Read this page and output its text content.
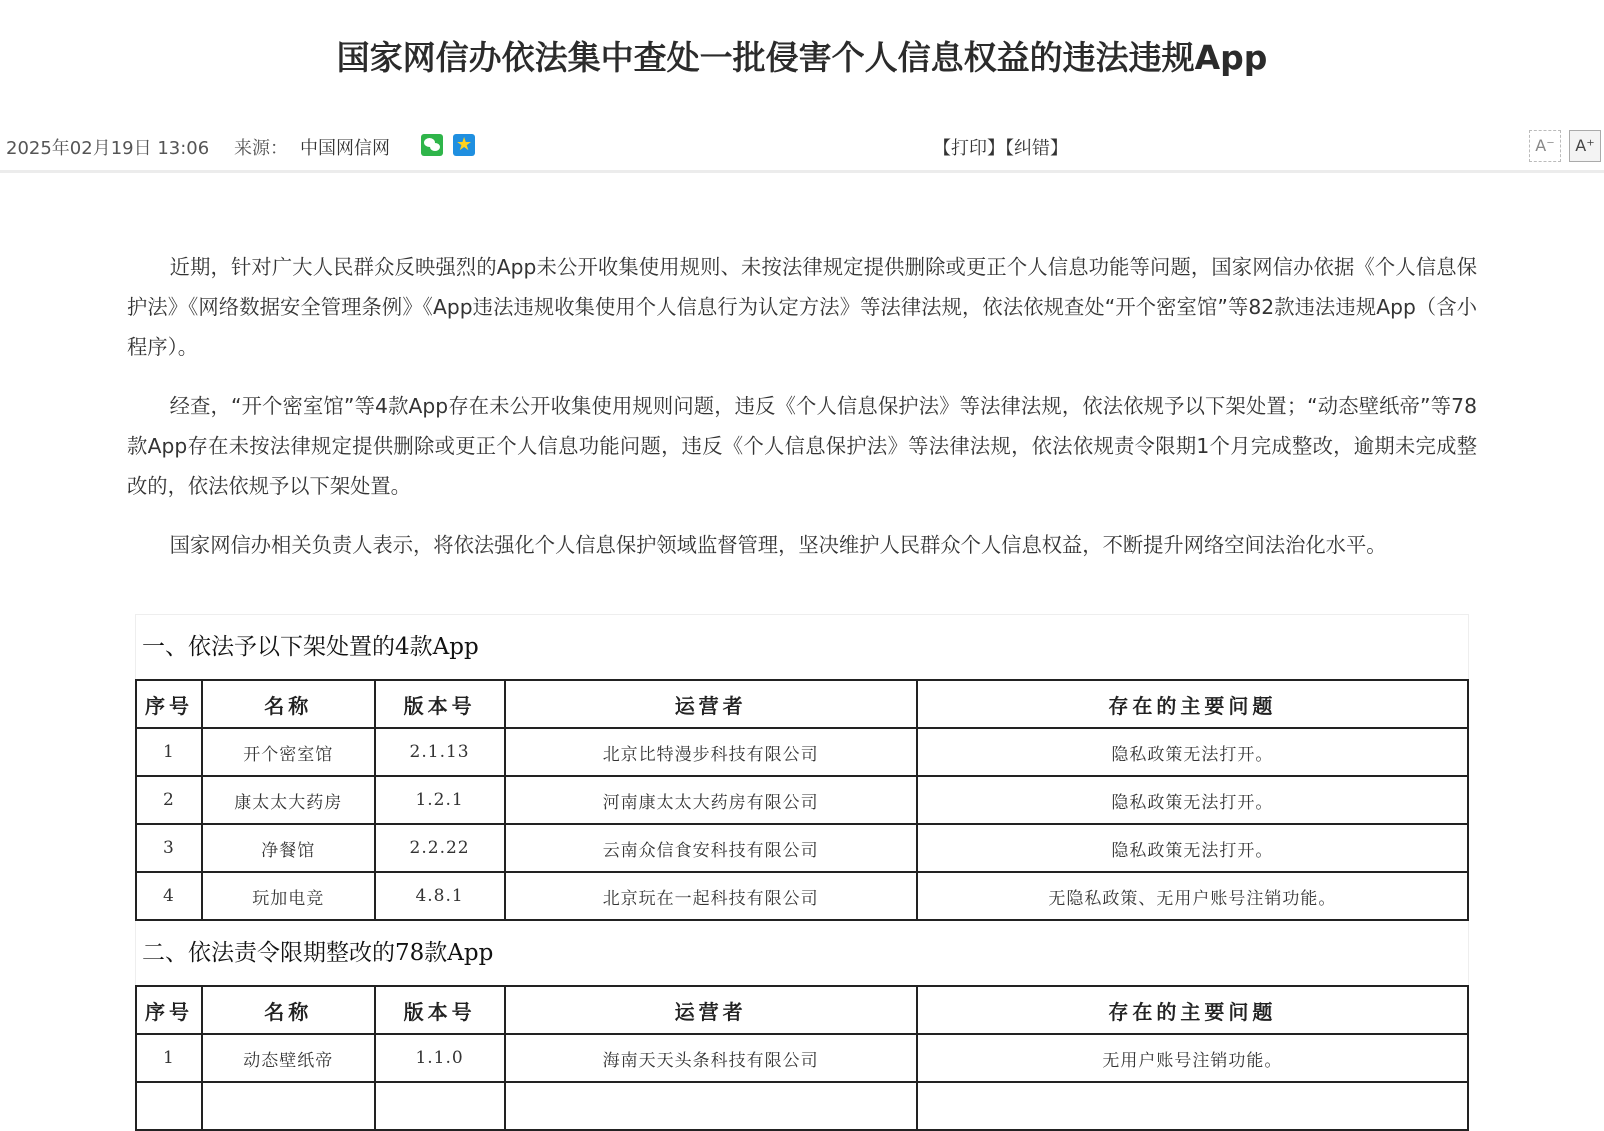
国家网信办依法集中查处一批侵害个人信息权益的违法违规App
2025年02月19日 13:06 来源： 中国网信网 ★	【打印】【纠错】	A⁻	A⁺

近期，针对广大人民群众反映强烈的App未公开收集使用规则、未按法律规定提供删除或更正个人信息功能等问题，国家网信办依据《个人信息保护法》《网络数据安全管理条例》《App违法违规收集使用个人信息行为认定方法》等法律法规，依法依规查处“开个密室馆”等82款违法违规App（含小程序）。

经查，“开个密室馆”等4款App存在未公开收集使用规则问题，违反《个人信息保护法》等法律法规，依法依规予以下架处置；“动态壁纸帝”等78款App存在未按法律规定提供删除或更正个人信息功能问题，违反《个人信息保护法》等法律法规，依法依规责令限期1个月完成整改，逾期未完成整改的，依法依规予以下架处置。

国家网信办相关负责人表示，将依法强化个人信息保护领域监督管理，坚决维护人民群众个人信息权益，不断提升网络空间法治化水平。

一、依法予以下架处置的4款App
序号	名称	版本号	运营者	存在的主要问题
1	开个密室馆	2.1.13	北京比特漫步科技有限公司	隐私政策无法打开。
2	康太太大药房	1.2.1	河南康太太大药房有限公司	隐私政策无法打开。
3	净餐馆	2.2.22	云南众信食安科技有限公司	隐私政策无法打开。
4	玩加电竞	4.8.1	北京玩在一起科技有限公司	无隐私政策、无用户账号注销功能。
二、依法责令限期整改的78款App
序号	名称	版本号	运营者	存在的主要问题
1	动态壁纸帝	1.1.0	海南天天头条科技有限公司	无用户账号注销功能。
